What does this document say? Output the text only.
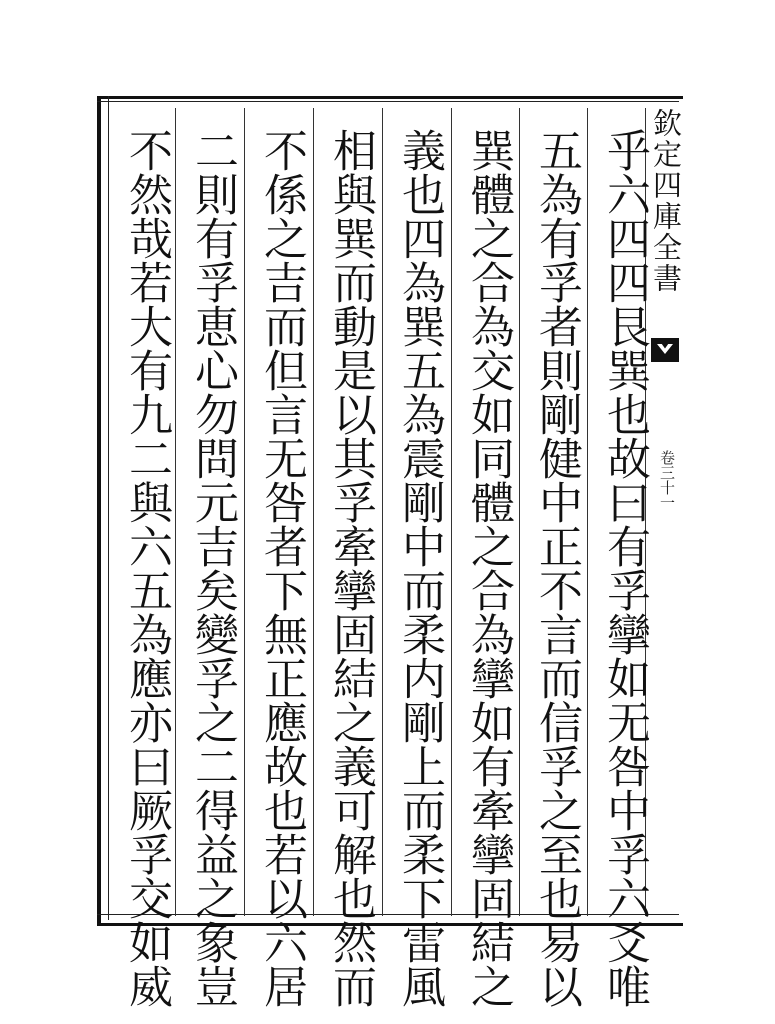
欽定四庫全書
卷三十一
乎六四四艮巽也故曰有孚攣如无咎中孚六爻唯
五為有孚者則剛健中正不言而信孚之至也易以
巽體之合為交如同體之合為攣如有牽攣固結之
義也四為巽五為震剛中而柔内剛上而柔下雷風
相與巽而動是以其孚牽攣固結之義可解也然而
不係之吉而但言无咎者下無正應故也若以六居
二則有孚恵心勿問元吉矣變孚之二得益之象豈
不然哉若大有九二與六五為應亦曰厥孚交如威
